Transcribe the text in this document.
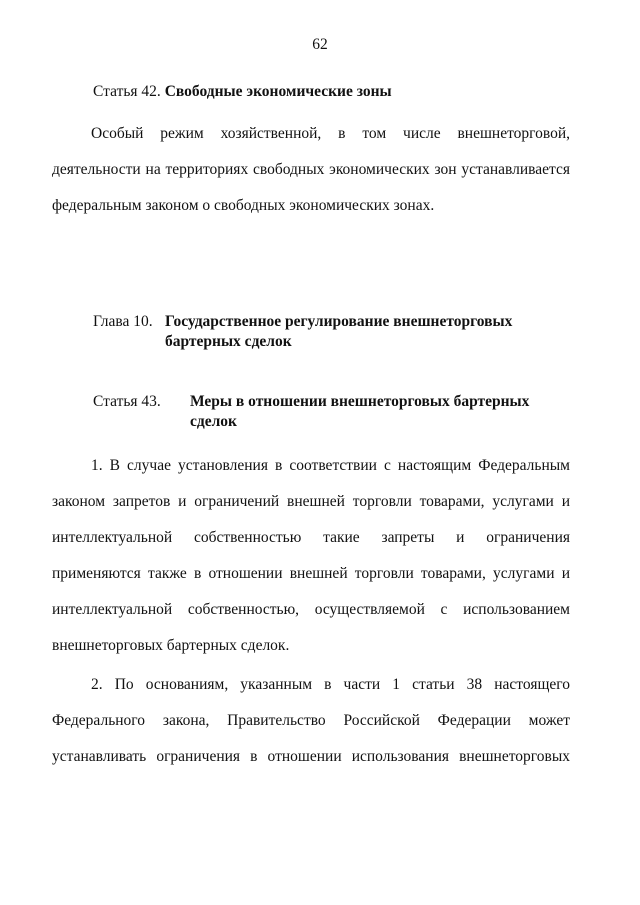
62
Статья 42. Свободные экономические зоны
Особый режим хозяйственной, в том числе внешнеторговой, деятельности на территориях свободных экономических зон устанавливается федеральным законом о свободных экономических зонах.
Глава 10. Государственное регулирование внешнеторговых бартерных сделок
Статья 43. Меры в отношении внешнеторговых бартерных сделок
1. В случае установления в соответствии с настоящим Федеральным законом запретов и ограничений внешней торговли товарами, услугами и интеллектуальной собственностью такие запреты и ограничения применяются также в отношении внешней торговли товарами, услугами и интеллектуальной собственностью, осуществляемой с использованием внешнеторговых бартерных сделок.
2. По основаниям, указанным в части 1 статьи 38 настоящего Федерального закона, Правительство Российской Федерации может устанавливать ограничения в отношении использования внешнеторговых
